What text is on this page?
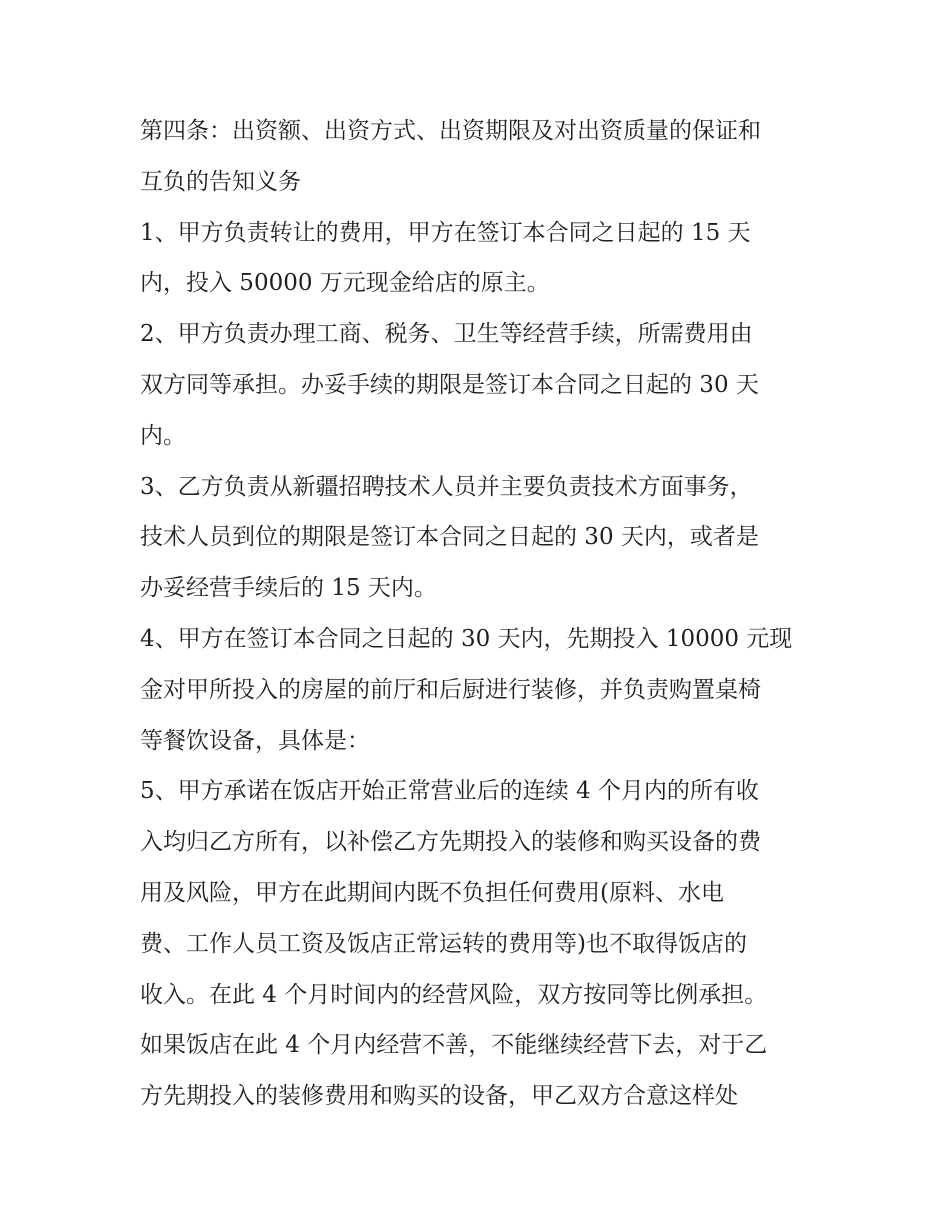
第四条：出资额、出资方式、出资期限及对出资质量的保证和
互负的告知义务
1、甲方负责转让的费用，甲方在签订本合同之日起的 15 天
内，投入 50000 万元现金给店的原主。
2、甲方负责办理工商、税务、卫生等经营手续，所需费用由
双方同等承担。办妥手续的期限是签订本合同之日起的 30 天
内。
3、乙方负责从新疆招聘技术人员并主要负责技术方面事务，
技术人员到位的期限是签订本合同之日起的 30 天内，或者是
办妥经营手续后的 15 天内。
4、甲方在签订本合同之日起的 30 天内，先期投入 10000 元现
金对甲所投入的房屋的前厅和后厨进行装修，并负责购置桌椅
等餐饮设备，具体是：
5、甲方承诺在饭店开始正常营业后的连续 4 个月内的所有收
入均归乙方所有，以补偿乙方先期投入的装修和购买设备的费
用及风险，甲方在此期间内既不负担任何费用(原料、水电
费、工作人员工资及饭店正常运转的费用等)也不取得饭店的
收入。在此 4 个月时间内的经营风险，双方按同等比例承担。
如果饭店在此 4 个月内经营不善，不能继续经营下去，对于乙
方先期投入的装修费用和购买的设备，甲乙双方合意这样处
